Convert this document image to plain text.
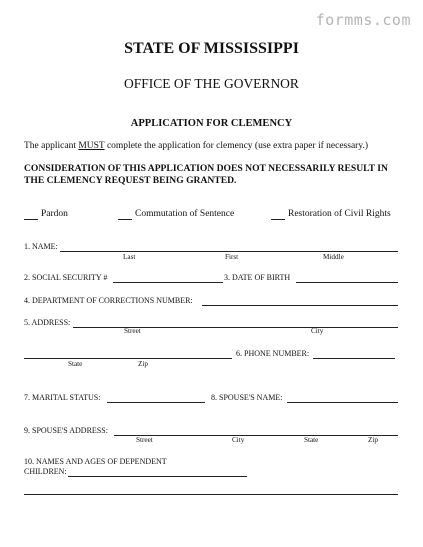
formms.com
STATE OF MISSISSIPPI
OFFICE OF THE GOVERNOR
APPLICATION FOR CLEMENCY
The applicant MUST complete the application for clemency (use extra paper if necessary.)
CONSIDERATION OF THIS APPLICATION DOES NOT NECESSARILY RESULT IN THE CLEMENCY REQUEST BEING GRANTED.
Pardon	Commutation of Sentence	Restoration of Civil Rights
1. NAME:
Last	First	Middle
2. SOCIAL SECURITY #	3. DATE OF BIRTH
4. DEPARTMENT OF CORRECTIONS NUMBER:
5. ADDRESS:
Street	City
State	Zip
6. PHONE NUMBER:
7. MARITAL STATUS:	8. SPOUSE'S NAME:
9. SPOUSE'S ADDRESS:
Street	City	State	Zip
10. NAMES AND AGES OF DEPENDENT
CHILDREN:
